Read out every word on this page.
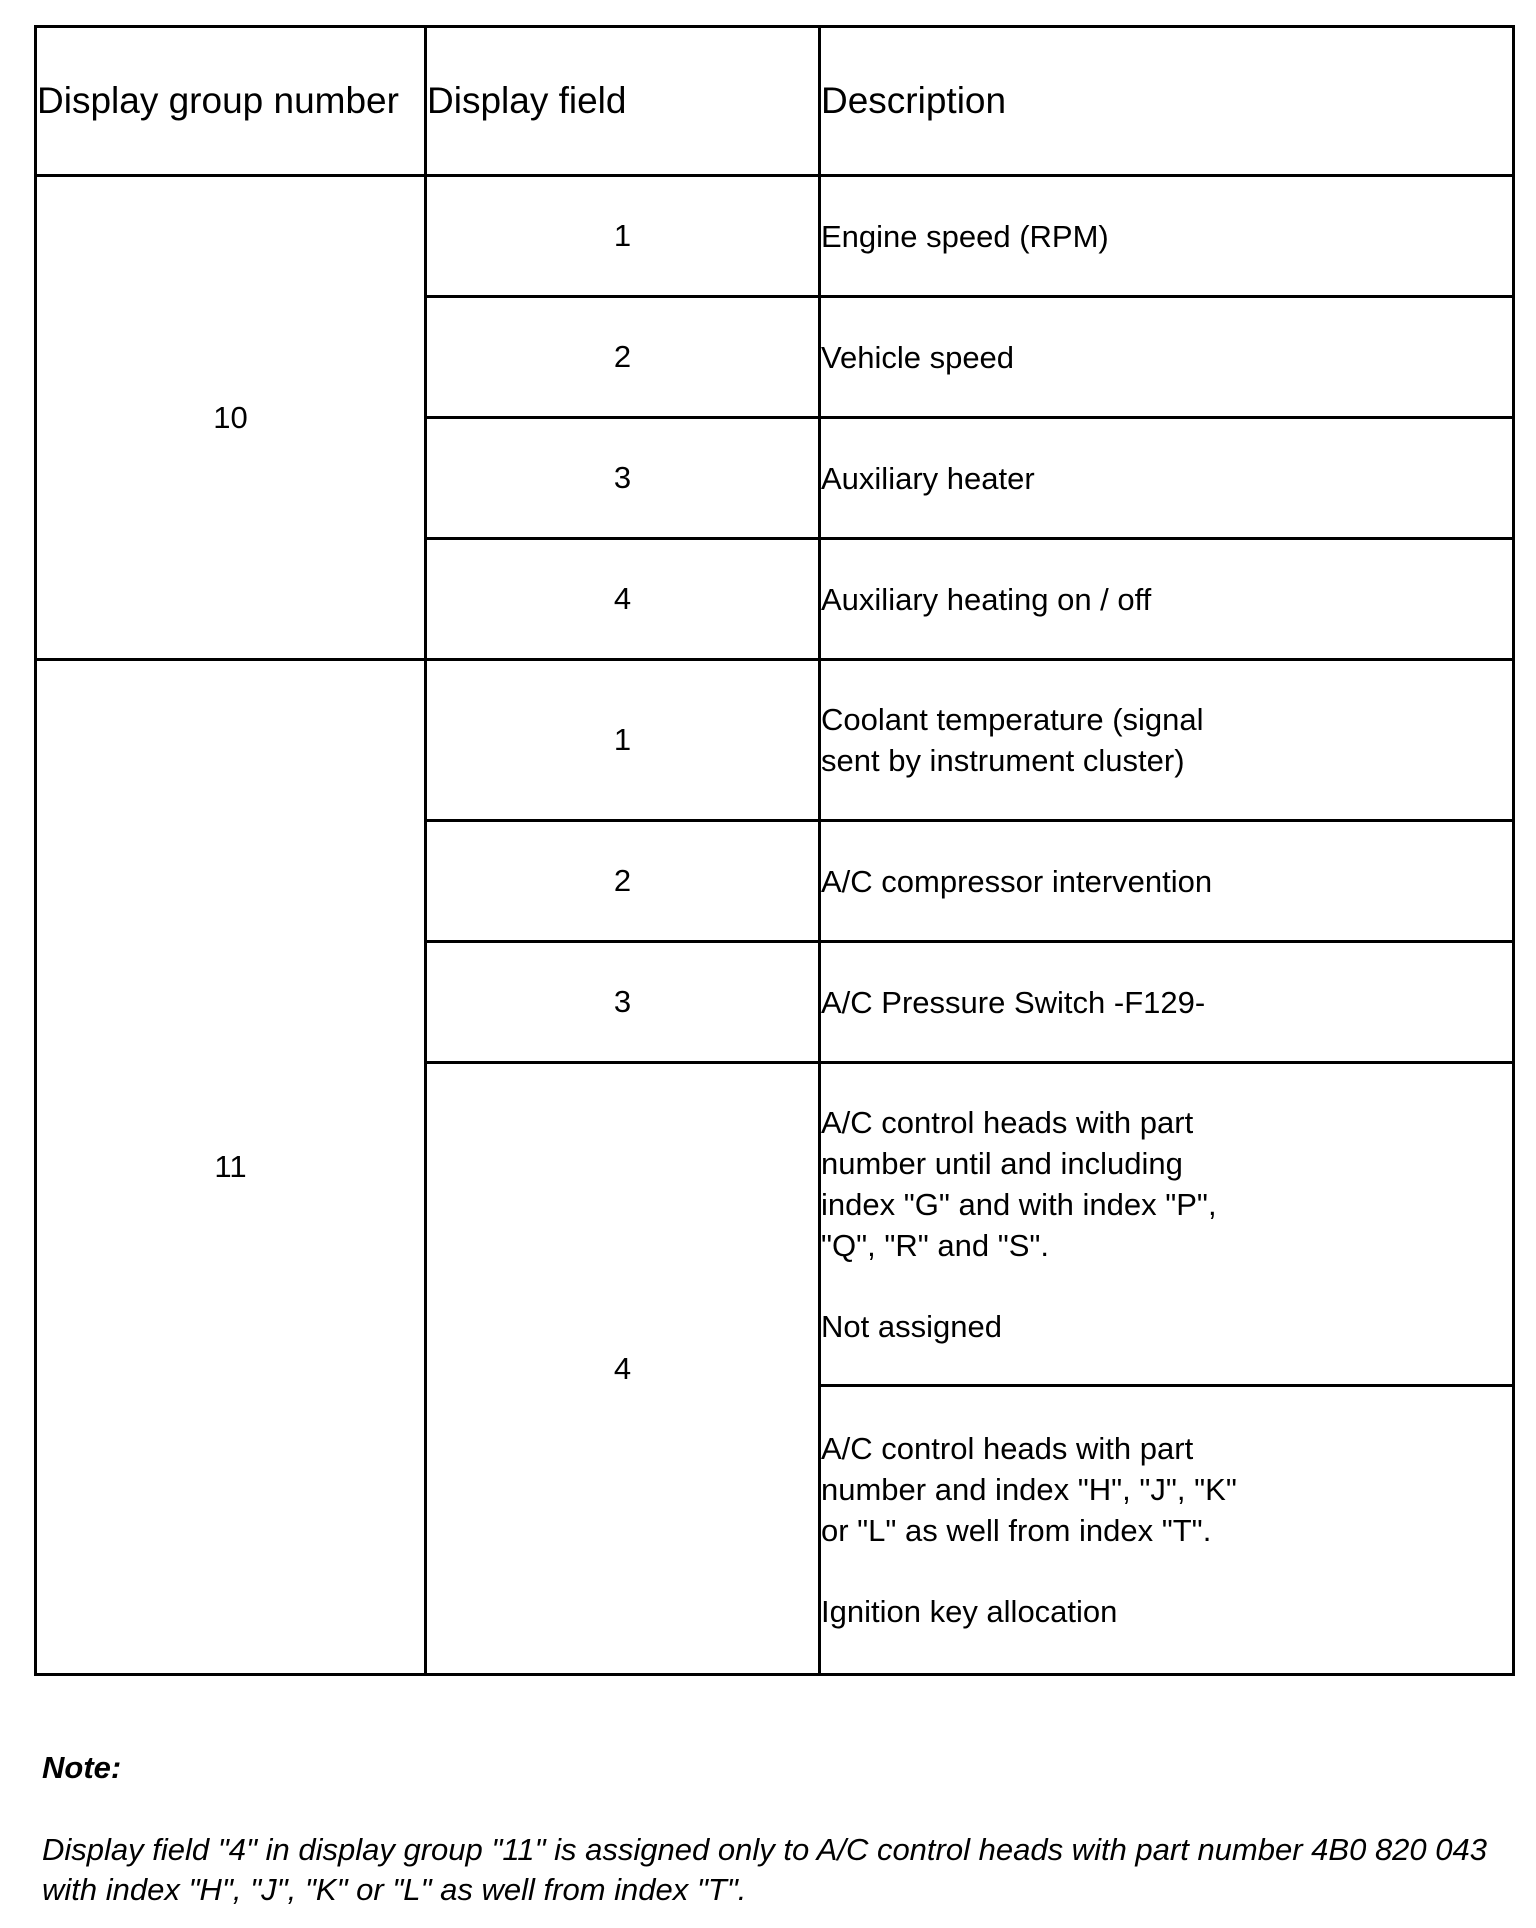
Display group number	Display field	Description
10	1	Engine speed (RPM)

	2	Vehicle speed

	3	Auxiliary heater

	4	Auxiliary heating on / off

11	1	Coolant temperature (signal sent by instrument cluster)

	2	A/C compressor intervention

	3	A/C Pressure Switch -F129-

	4	A/C control heads with part number until and including index "G" and with index "P", "Q", "R" and "S".
Not assigned

		A/C control heads with part number and index "H", "J", "K" or "L" as well from index "T".
Ignition key allocation
Note:
Display field "4" in display group "11" is assigned only to A/C control heads with part number 4B0 820 043 with index "H", "J", "K" or "L" as well from index "T".
